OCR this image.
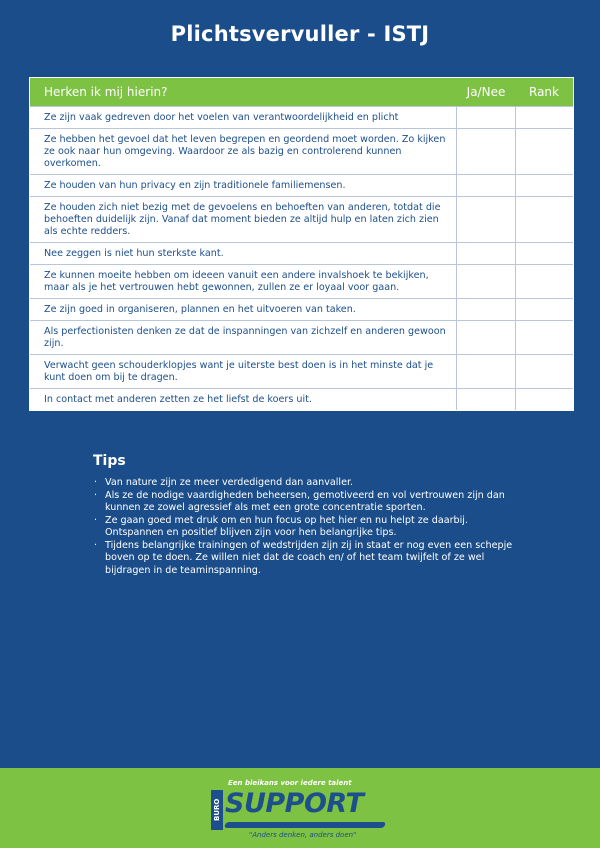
Plichtsvervuller - ISTJ
Herken ik mij hierin?	Ja/Nee	Rank
Ze zijn vaak gedreven door het voelen van verantwoordelijkheid en plicht
Ze hebben het gevoel dat het leven begrepen en geordend moet worden. Zo kijken ze ook naar hun omgeving. Waardoor ze als bazig en controlerend kunnen overkomen.
Ze houden van hun privacy en zijn traditionele familiemensen.
Ze houden zich niet bezig met de gevoelens en behoeften van anderen, totdat die behoeften duidelijk zijn. Vanaf dat moment bieden ze altijd hulp en laten zich zien als echte redders.
Nee zeggen is niet hun sterkste kant.
Ze kunnen moeite hebben om ideeen vanuit een andere invalshoek te bekijken, maar als je het vertrouwen hebt gewonnen, zullen ze er loyaal voor gaan.
Ze zijn goed in organiseren, plannen en het uitvoeren van taken.
Als perfectionisten denken ze dat de inspanningen van zichzelf en anderen gewoon zijn.
Verwacht geen schouderklopjes want je uiterste best doen is in het minste dat je kunt doen om bij te dragen.
In contact met anderen zetten ze het liefst de koers uit.
Tips
· Van nature zijn ze meer verdedigend dan aanvaller.
· Als ze de nodige vaardigheden beheersen, gemotiveerd en vol vertrouwen zijn dan kunnen ze zowel agressief als met een grote concentratie sporten.
· Ze gaan goed met druk om en hun focus op het hier en nu helpt ze daarbij. Ontspannen en positief blijven zijn voor hen belangrijke tips.
· Tijdens belangrijke trainingen of wedstrijden zijn zij in staat er nog even een schepje boven op te doen. Ze willen niet dat de coach en/ of het team twijfelt of ze wel bijdragen in de teaminspanning.
Een bleikans voor iedere talent
BURO SUPPORT
"Anders denken, anders doen"
